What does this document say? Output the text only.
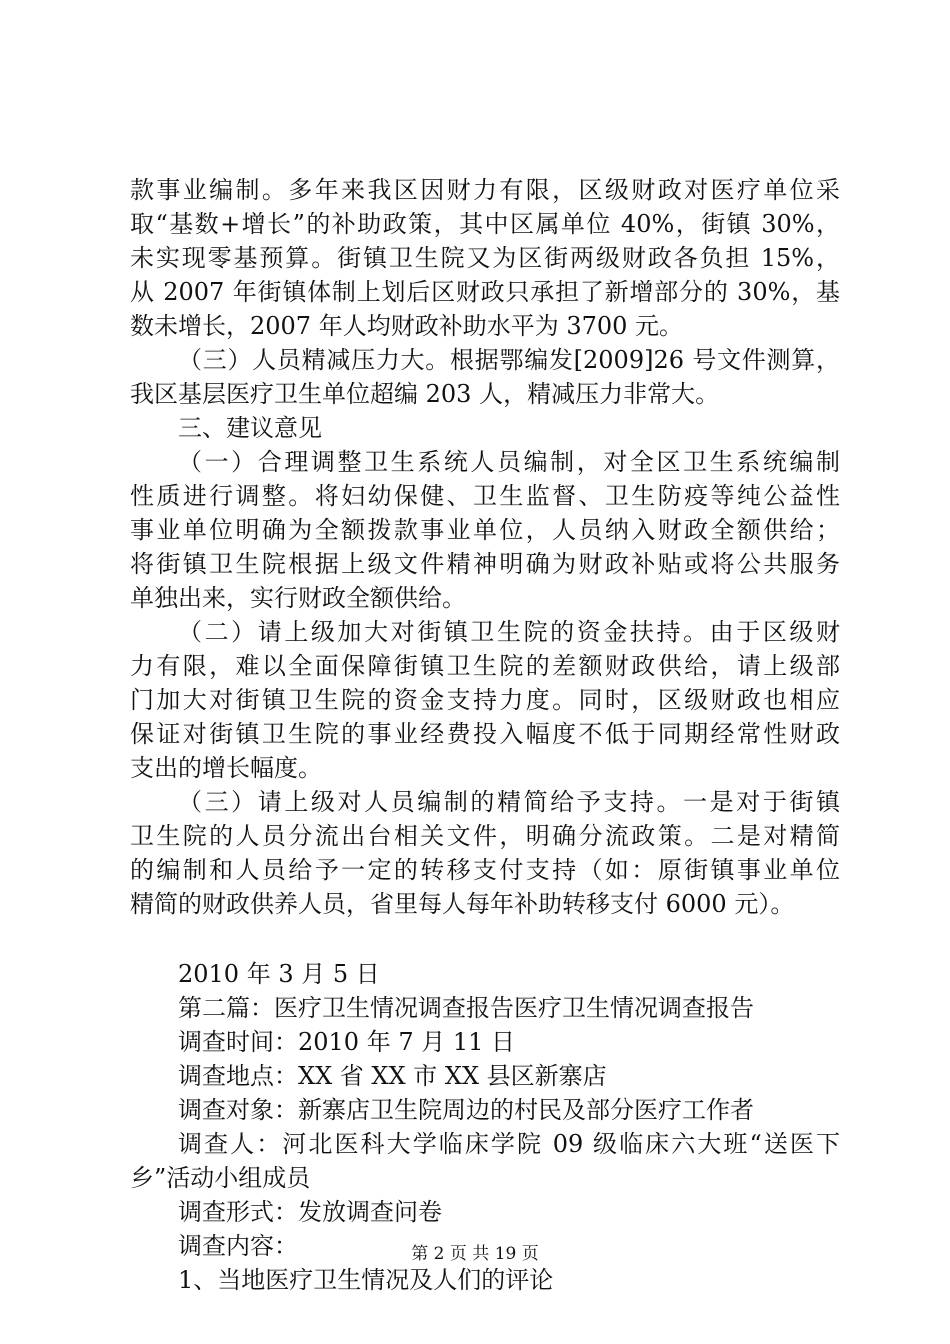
款事业编制。多年来我区因财力有限，区级财政对医疗单位采
取“基数+增长”的补助政策，其中区属单位 40%，街镇 30%，
未实现零基预算。街镇卫生院又为区街两级财政各负担 15%，
从 2007 年街镇体制上划后区财政只承担了新增部分的 30%，基
数未增长，2007 年人均财政补助水平为 3700 元。
（三）人员精减压力大。根据鄂编发[2009]26 号文件测算，
我区基层医疗卫生单位超编 203 人，精减压力非常大。
三、建议意见
（一）合理调整卫生系统人员编制，对全区卫生系统编制
性质进行调整。将妇幼保健、卫生监督、卫生防疫等纯公益性
事业单位明确为全额拨款事业单位，人员纳入财政全额供给；
将街镇卫生院根据上级文件精神明确为财政补贴或将公共服务
单独出来，实行财政全额供给。
（二）请上级加大对街镇卫生院的资金扶持。由于区级财
力有限，难以全面保障街镇卫生院的差额财政供给，请上级部
门加大对街镇卫生院的资金支持力度。同时，区级财政也相应
保证对街镇卫生院的事业经费投入幅度不低于同期经常性财政
支出的增长幅度。
（三）请上级对人员编制的精简给予支持。一是对于街镇
卫生院的人员分流出台相关文件，明确分流政策。二是对精简
的编制和人员给予一定的转移支付支持（如：原街镇事业单位
精简的财政供养人员，省里每人每年补助转移支付 6000 元）。
2010 年 3 月 5 日
第二篇：医疗卫生情况调查报告医疗卫生情况调查报告
调查时间：2010 年 7 月 11 日
调查地点：XX 省 XX 市 XX 县区新寨店
调查对象：新寨店卫生院周边的村民及部分医疗工作者
调查人：河北医科大学临床学院 09 级临床六大班“送医下
乡”活动小组成员
调查形式：发放调查问卷
调查内容：
1、当地医疗卫生情况及人们的评论
第 2 页 共 19 页
